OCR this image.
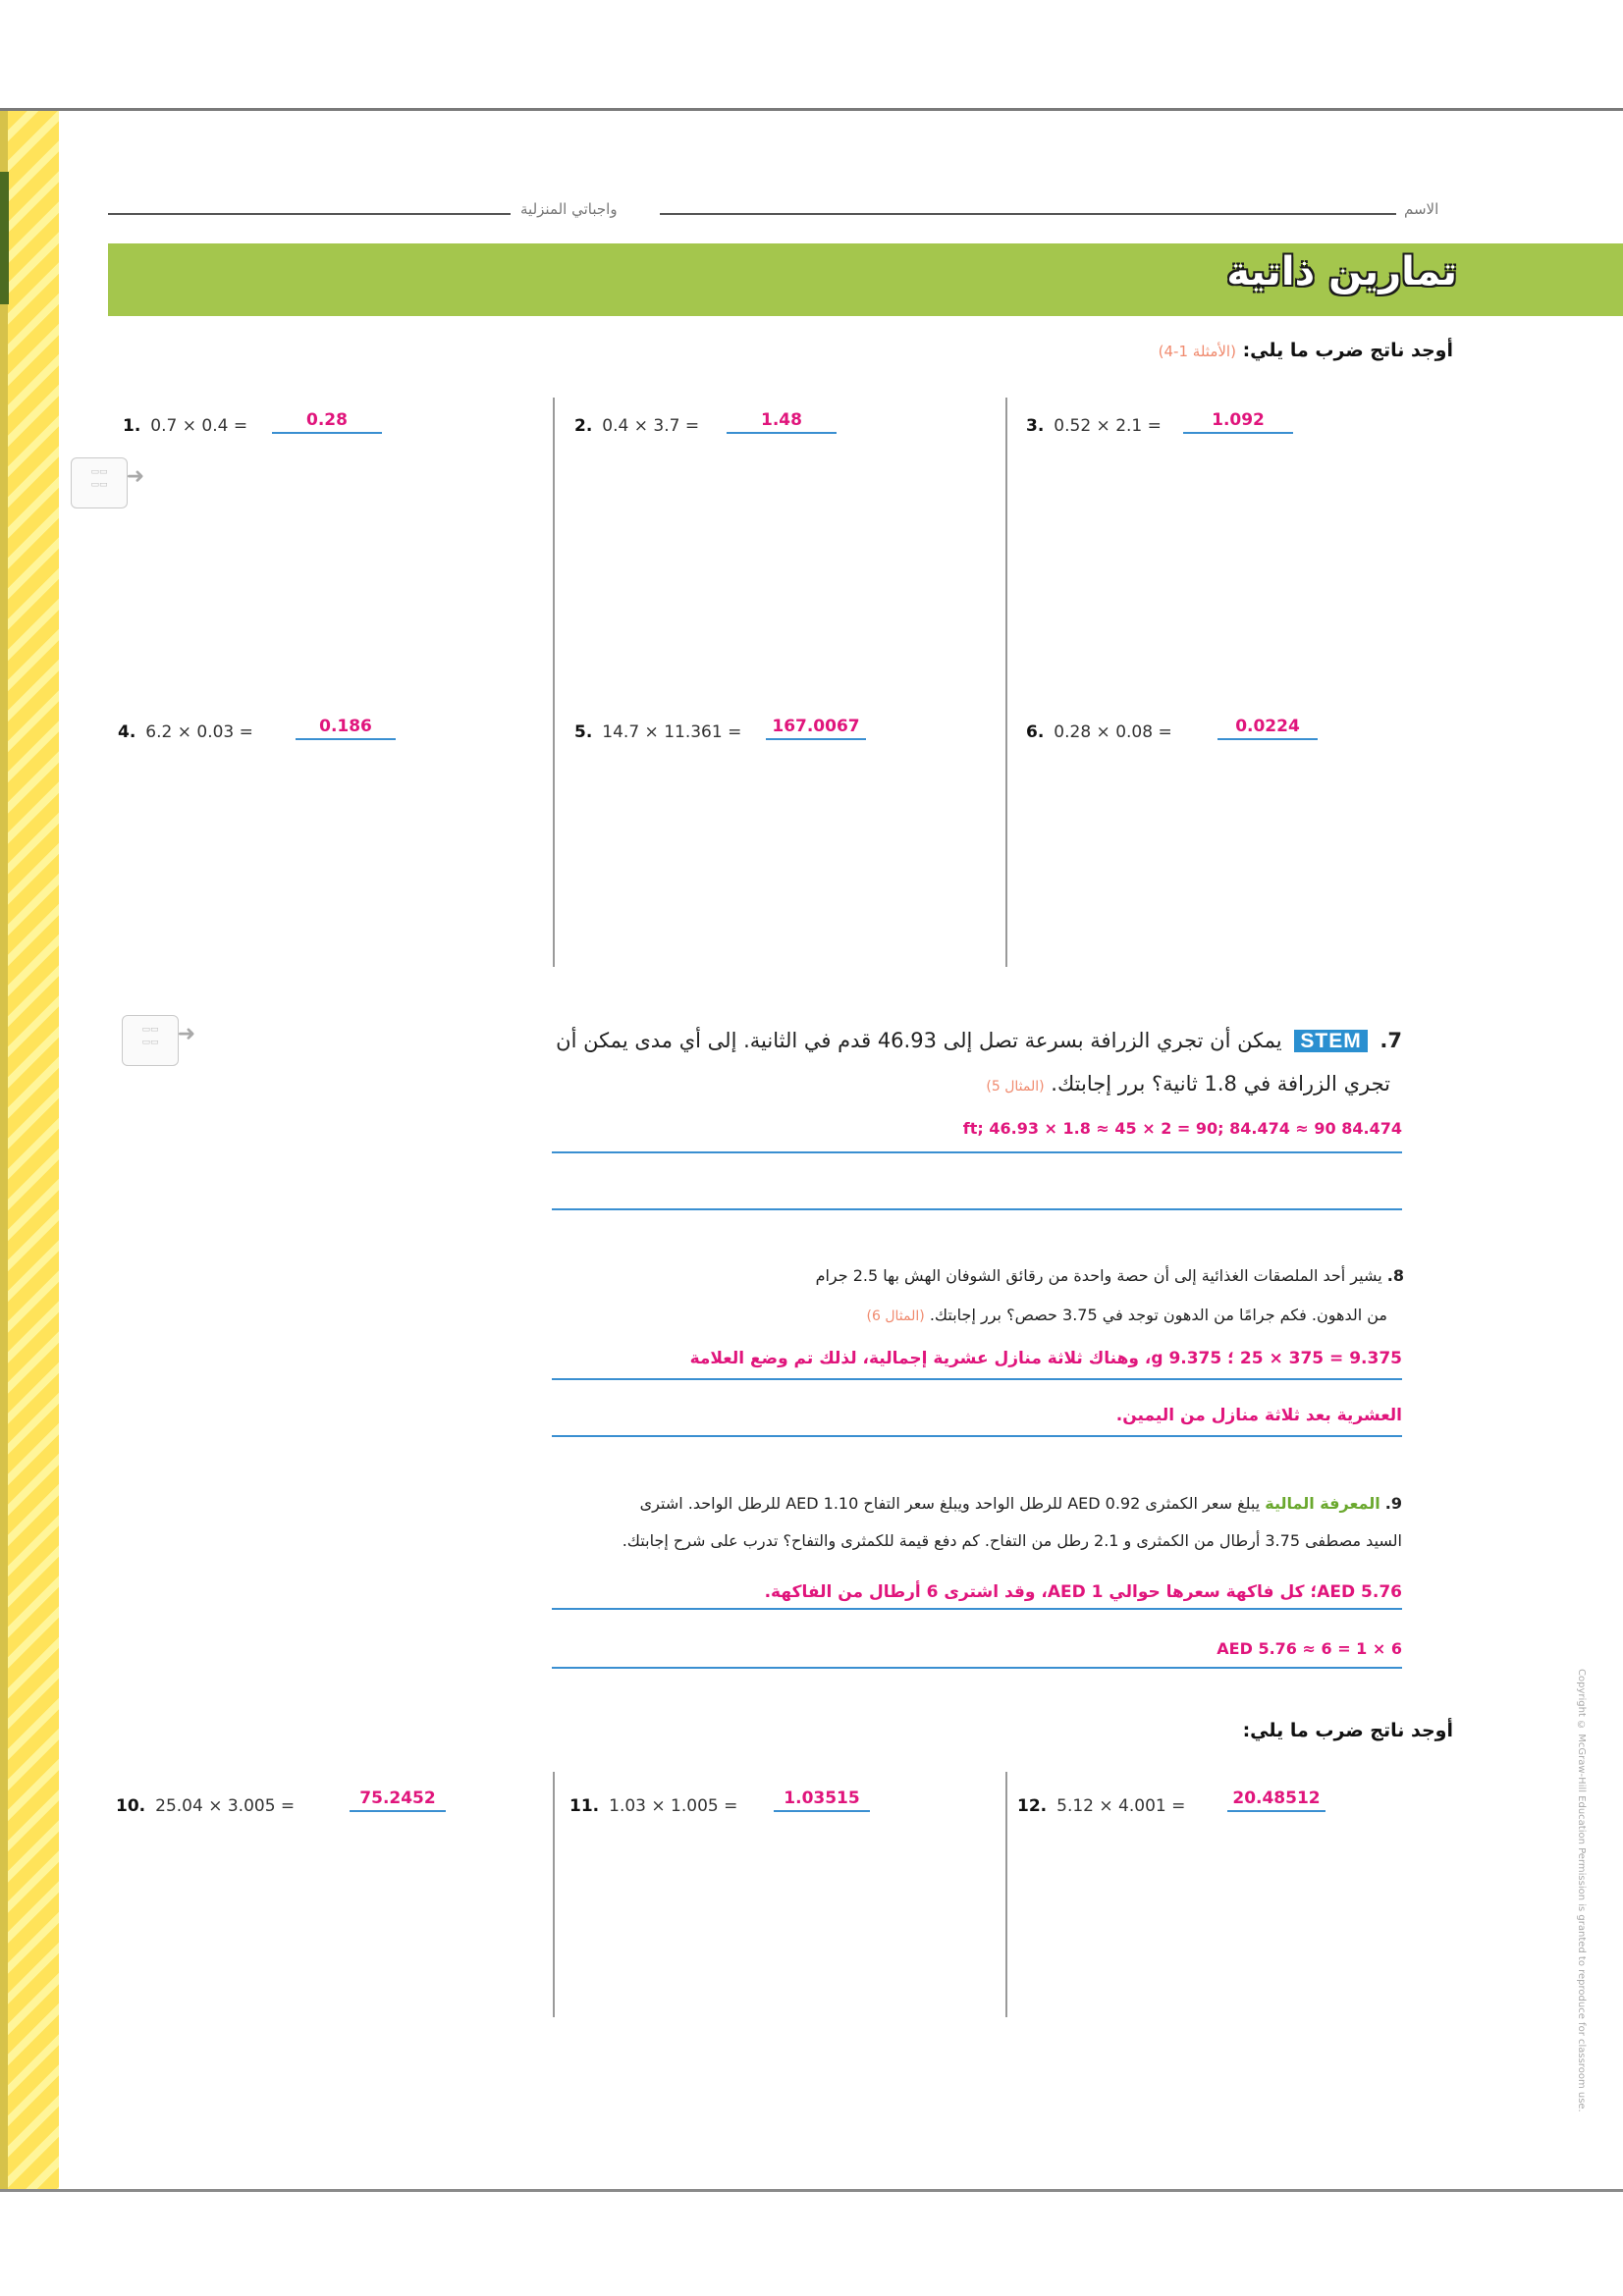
واجباتي المنزلية	الاسم
تمارين ذاتية
أوجد ناتج ضرب ما يلي: (الأمثلة 1-4)
1. 0.7 × 0.4 =	0.28	2. 0.4 × 3.7 =	1.48	3. 0.52 × 2.1 =	1.092
4. 6.2 × 0.03 =	0.186	5. 14.7 × 11.361 =	167.0067	6. 0.28 × 0.08 =	0.0224
▭▭
▭▭ ➜
▭▭
▭▭ ➜	7. STEM يمكن أن تجري الزرافة بسرعة تصل إلى 46.93 قدم في الثانية. إلى أي مدى يمكن أن
تجري الزرافة في 1.8 ثانية؟ برر إجابتك. (المثال 5)
84.474 ft; 46.93 × 1.8 ≈ 45 × 2 = 90; 84.474 ≈ 90
8. يشير أحد الملصقات الغذائية إلى أن حصة واحدة من رقائق الشوفان الهش بها 2.5 جرام
من الدهون. فكم جرامًا من الدهون توجد في 3.75 حصص؟ برر إجابتك. (المثال 6)
9.375 = 375 × 25 ؛ 9.375 g، وهناك ثلاثة منازل عشرية إجمالية، لذلك تم وضع العلامة
العشرية بعد ثلاثة منازل من اليمين.
9. المعرفة المالية يبلغ سعر الكمثرى AED 0.92 للرطل الواحد ويبلغ سعر التفاح AED 1.10 للرطل الواحد. اشترى
السيد مصطفى 3.75 أرطال من الكمثرى و 2.1 رطل من التفاح. كم دفع قيمة للكمثرى والتفاح؟ تدرب على شرح إجابتك.
AED 5.76؛ كل فاكهة سعرها حوالي AED 1، وقد اشترى 6 أرطال من الفاكهة.
6 × 1 = 6 ≈ 5.76 AED
أوجد ناتج ضرب ما يلي:
10. 25.04 × 3.005 =	75.2452	11. 1.03 × 1.005 =	1.03515	12. 5.12 × 4.001 =	20.48512	Copyright © McGraw-Hill Education Permission is granted to reproduce for classroom use.
